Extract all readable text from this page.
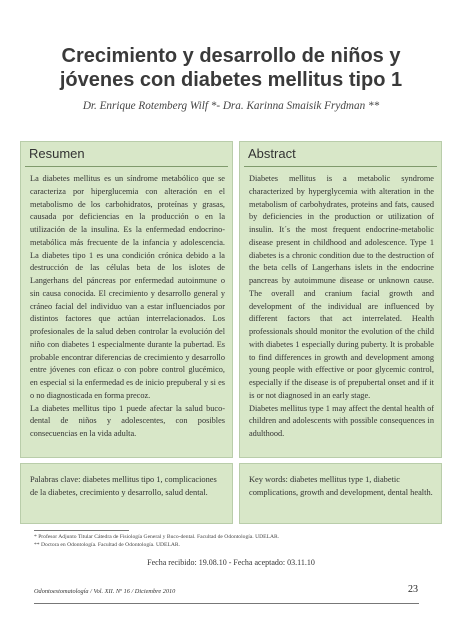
Crecimiento y desarrollo de niños y
jóvenes con diabetes mellitus tipo 1
Dr. Enrique Rotemberg Wilf *- Dra. Karinna Smaisik Frydman **
Resumen
La diabetes mellitus es un síndrome metabólico que se caracteriza por hiperglucemia con alteración en el metabolismo de los carbohidratos, proteínas y grasas, causada por deficiencias en la producción o en la utilización de la insulina. Es la enfermedad endocrino-metabólica más frecuente de la infancia y adolescencia. La diabetes tipo 1 es una condición crónica debido a la destrucción de las células beta de los islotes de Langerhans del páncreas por enfermedad autoinmune o sin causa conocida. El crecimiento y desarrollo general y cráneo facial del individuo van a estar influenciados por distintos factores que actúan interrelacionados. Los profesionales de la salud deben controlar la evolución del niño con diabetes 1 especialmente durante la pubertad. Es probable encontrar diferencias de crecimiento y desarrollo entre jóvenes con eficaz o con pobre control glucémico, en especial si la enfermedad es de inicio prepuberal y si es o no diagnosticada en forma precoz.
La diabetes mellitus tipo 1 puede afectar la salud buco-dental de niños y adolescentes, con posibles consecuencias en la vida adulta.
Abstract
Diabetes mellitus is a metabolic syndrome characterized by hyperglycemia with alteration in the metabolism of carbohydrates, proteins and fats, caused by deficiencies in the production or utilization of insulin. It´s the most frequent endocrine-metabolic disease present in childhood and adolescence. Type 1 diabetes is a chronic condition due to the destruction of the beta cells of Langerhans islets in the endocrine pancreas by autoimmune disease or unknown cause. The overall and cranium facial growth and development of the individual are influenced by different factors that act interrelated. Health professionals should monitor the evolution of the child with diabetes 1 especially during puberty. It is probable to find differences in growth and development among young people with effective or poor glycemic control, especially if the disease is of prepubertal onset and if it is or not diagnosed in an early stage.
Diabetes mellitus type 1 may affect the dental health of children and adolescents with possible consequences in adulthood.
Palabras clave: diabetes mellitus tipo 1, complicaciones de la diabetes, crecimiento y desarrollo, salud dental.
Key words: diabetes mellitus type 1, diabetic complications, growth and development, dental health.
* Profesor Adjunto Titular Cátedra de Fisiología General y Buco-dental. Facultad de Odontología. UDELAR.
** Doctora en Odontología. Facultad de Odontología. UDELAR.
Fecha recibido: 19.08.10 - Fecha aceptado: 03.11.10
Odontoestomatología / Vol. XII. Nº 16 / Diciembre 2010	23
